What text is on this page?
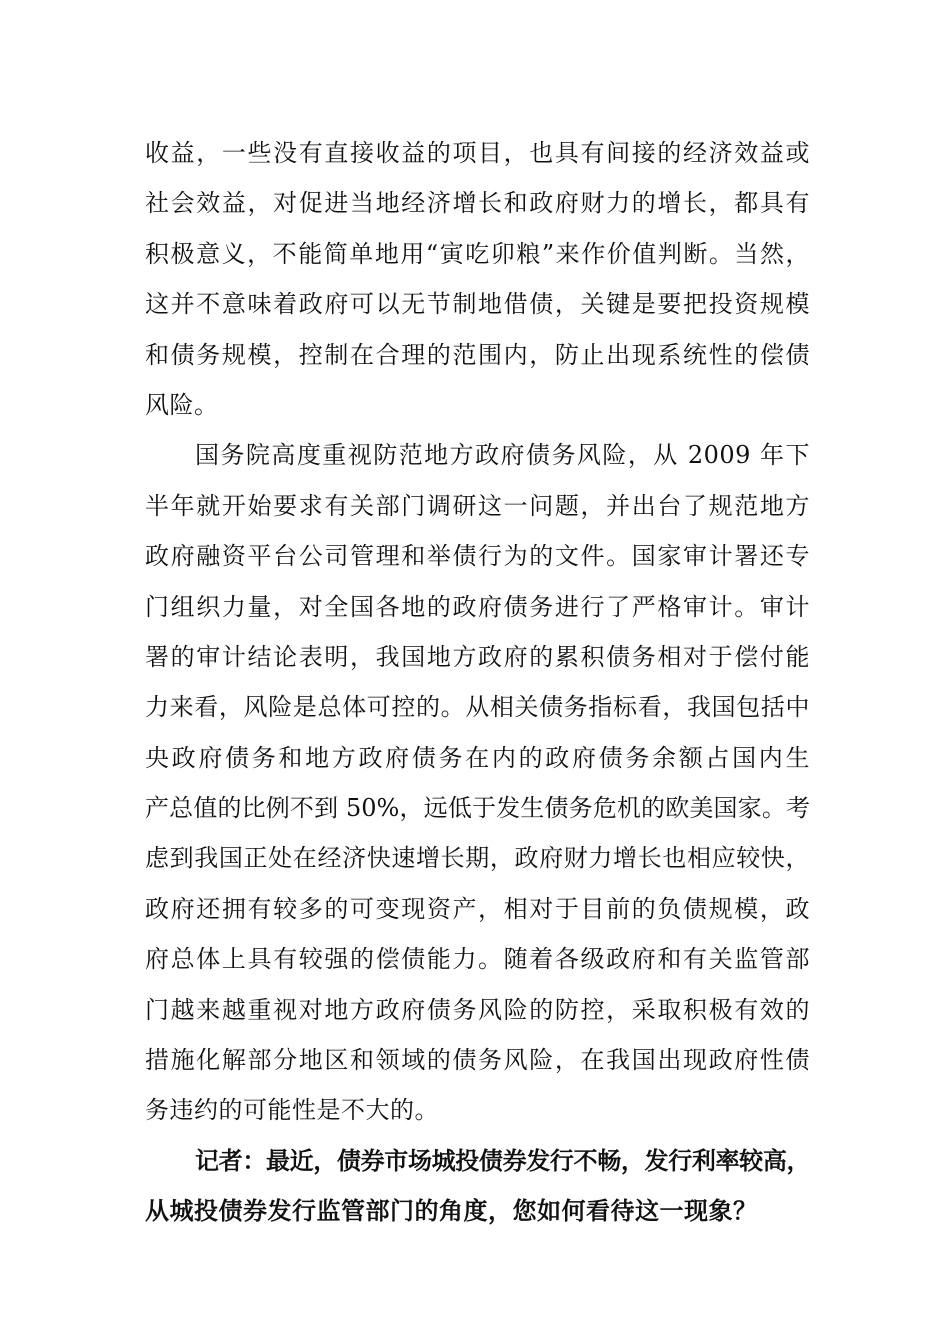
收益，一些没有直接收益的项目，也具有间接的经济效益或
社会效益，对促进当地经济增长和政府财力的增长，都具有
积极意义，不能简单地用“寅吃卯粮”来作价值判断。当然，
这并不意味着政府可以无节制地借债，关键是要把投资规模
和债务规模，控制在合理的范围内，防止出现系统性的偿债
风险。
国务院高度重视防范地方政府债务风险，从 2009 年下
半年就开始要求有关部门调研这一问题，并出台了规范地方
政府融资平台公司管理和举债行为的文件。国家审计署还专
门组织力量，对全国各地的政府债务进行了严格审计。审计
署的审计结论表明，我国地方政府的累积债务相对于偿付能
力来看，风险是总体可控的。从相关债务指标看，我国包括中
央政府债务和地方政府债务在内的政府债务余额占国内生
产总值的比例不到 50%，远低于发生债务危机的欧美国家。考
虑到我国正处在经济快速增长期，政府财力增长也相应较快，
政府还拥有较多的可变现资产，相对于目前的负债规模，政
府总体上具有较强的偿债能力。随着各级政府和有关监管部
门越来越重视对地方政府债务风险的防控，采取积极有效的
措施化解部分地区和领域的债务风险，在我国出现政府性债
务违约的可能性是不大的。
记者：最近，债券市场城投债券发行不畅，发行利率较高，
从城投债券发行监管部门的角度，您如何看待这一现象？
